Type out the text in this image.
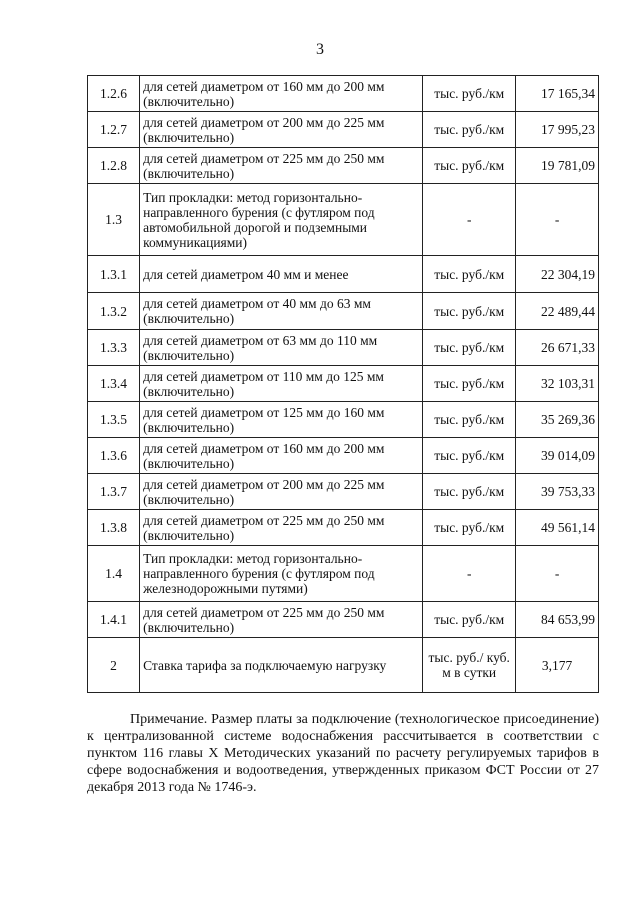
3
1.2.6	для сетей диаметром от 160 мм до 200 мм (включительно)	тыс. руб./км	17 165,34
1.2.7	для сетей диаметром от 200 мм до 225 мм (включительно)	тыс. руб./км	17 995,23
1.2.8	для сетей диаметром от 225 мм до 250 мм (включительно)	тыс. руб./км	19 781,09
1.3	Тип прокладки: метод горизонтально-направленного бурения (с футляром под автомобильной дорогой и подземными коммуникациями)	-	-
1.3.1	для сетей диаметром 40 мм и менее	тыс. руб./км	22 304,19
1.3.2	для сетей диаметром от 40 мм до 63 мм (включительно)	тыс. руб./км	22 489,44
1.3.3	для сетей диаметром от 63 мм до 110 мм (включительно)	тыс. руб./км	26 671,33
1.3.4	для сетей диаметром от 110 мм до 125 мм (включительно)	тыс. руб./км	32 103,31
1.3.5	для сетей диаметром от 125 мм до 160 мм (включительно)	тыс. руб./км	35 269,36
1.3.6	для сетей диаметром от 160 мм до 200 мм (включительно)	тыс. руб./км	39 014,09
1.3.7	для сетей диаметром от 200 мм до 225 мм (включительно)	тыс. руб./км	39 753,33
1.3.8	для сетей диаметром от 225 мм до 250 мм (включительно)	тыс. руб./км	49 561,14
1.4	Тип прокладки: метод горизонтально-направленного бурения (с футляром под железнодорожными путями)	-	-
1.4.1	для сетей диаметром от 225 мм до 250 мм (включительно)	тыс. руб./км	84 653,99
2	Ставка тарифа за подключаемую нагрузку	тыс. руб./ куб. м в сутки	3,177

Примечание. Размер платы за подключение (технологическое присоединение) к централизованной системе водоснабжения рассчитывается в соответствии с пунктом 116 главы X Методических указаний по расчету регулируемых тарифов в сфере водоснабжения и водоотведения, утвержденных приказом ФСТ России от 27 декабря 2013 года № 1746-э.
